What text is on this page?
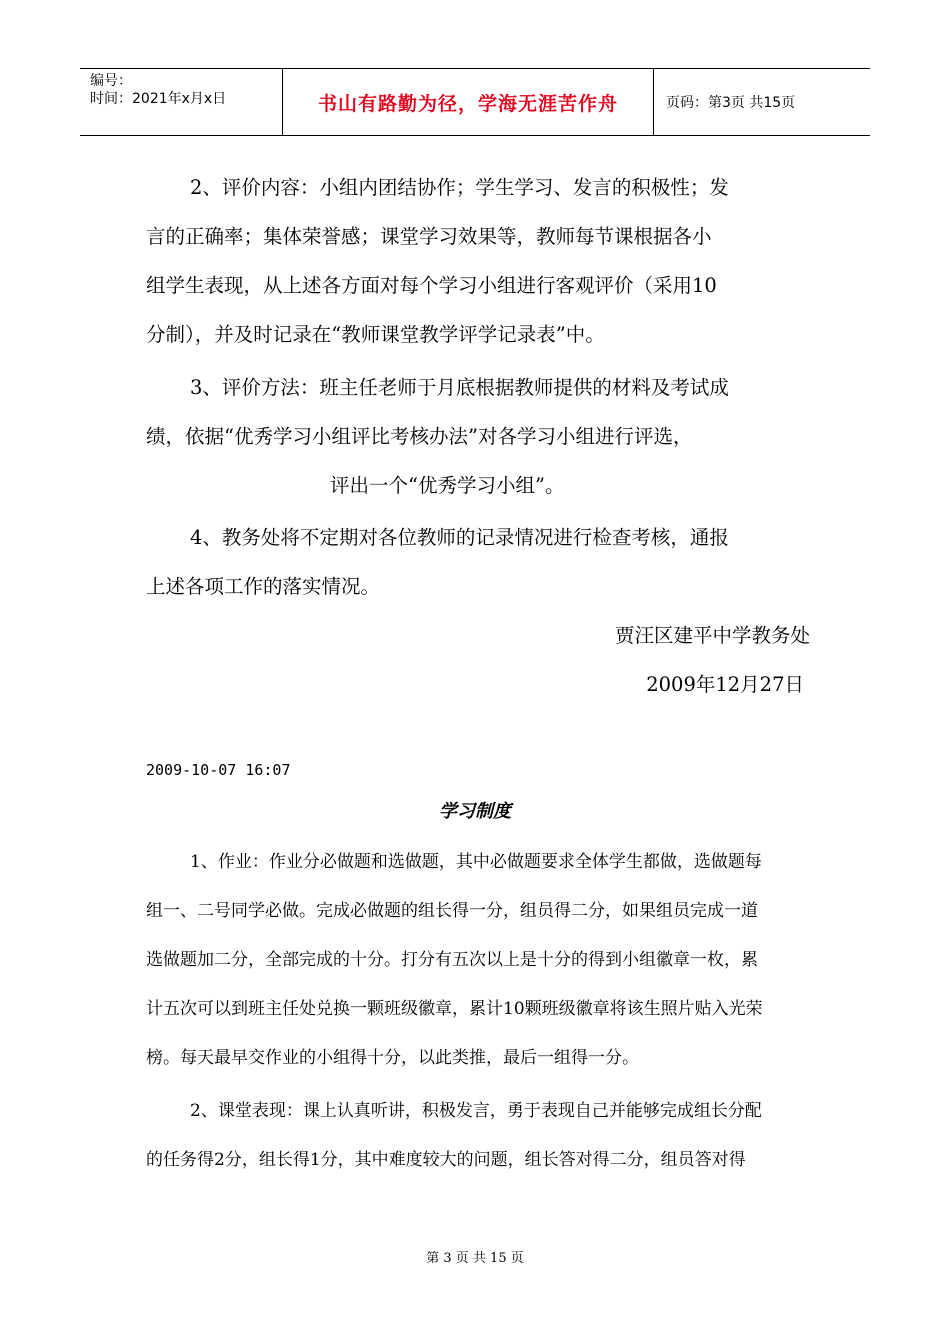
编号：
时间：2021年x月x日	书山有路勤为径，学海无涯苦作舟	页码：第3页 共15页
2、评价内容：小组内团结协作；学生学习、发言的积极性；发
言的正确率；集体荣誉感；课堂学习效果等，教师每节课根据各小
组学生表现，从上述各方面对每个学习小组进行客观评价（采用10
分制），并及时记录在“教师课堂教学评学记录表”中。
3、评价方法：班主任老师于月底根据教师提供的材料及考试成
绩，依据“优秀学习小组评比考核办法”对各学习小组进行评选，
评出一个“优秀学习小组”。
4、教务处将不定期对各位教师的记录情况进行检查考核，通报
上述各项工作的落实情况。
贾汪区建平中学教务处
2009年12月27日
2009-10-07 16:07
学习制度
1、作业：作业分必做题和选做题，其中必做题要求全体学生都做，选做题每
组一、二号同学必做。完成必做题的组长得一分，组员得二分，如果组员完成一道
选做题加二分，全部完成的十分。打分有五次以上是十分的得到小组徽章一枚，累
计五次可以到班主任处兑换一颗班级徽章，累计10颗班级徽章将该生照片贴入光荣
榜。每天最早交作业的小组得十分，以此类推，最后一组得一分。
2、课堂表现：课上认真听讲，积极发言，勇于表现自己并能够完成组长分配
的任务得2分，组长得1分，其中难度较大的问题，组长答对得二分，组员答对得
第 3 页 共 15 页
